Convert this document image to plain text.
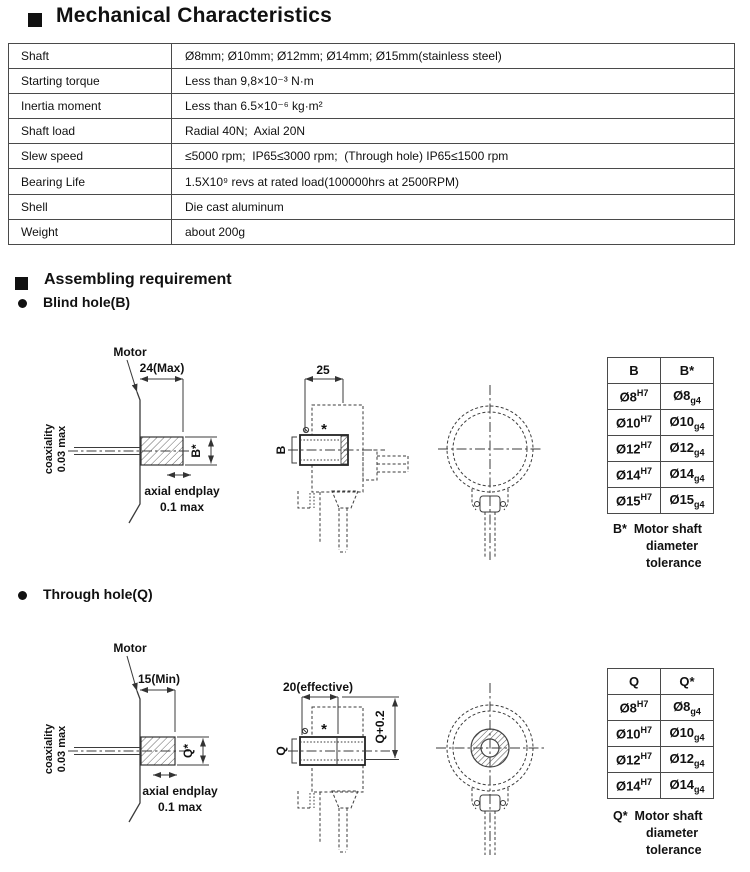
Mechanical Characteristics
Shaft	Ø8mm; Ø10mm; Ø12mm; Ø14mm; Ø15mm(stainless steel)
Starting torque	Less than 9,8×10⁻³ N·m
Inertia moment	Less than 6.5×10⁻⁶ kg·m²
Shaft load	Radial 40N;  Axial 20N
Slew speed	≤5000 rpm;  IP65≤3000 rpm;  (Through hole) IP65≤1500 rpm
Bearing Life	1.5X10⁹ revs at rated load(100000hrs at 2500RPM)
Shell	Die cast aluminum
Weight	about 200g
Assembling requirement
Blind hole(B)
Motor
24(Max)
coaxiality 0.03 max	B*
axial endplay
0.1 max
25
B
*
B	B*
$Ø8^{H7}$	$Ø8_{g4}$
$Ø10^{H7}$	$Ø10_{g4}$
$Ø12^{H7}$	$Ø12_{g4}$
$Ø14^{H7}$	$Ø14_{g4}$
$Ø15^{H7}$	$Ø15_{g4}$
B*  Motor shaft
diameter
tolerance
Through hole(Q)
Motor
15(Min)
coaxiality 0.03 max	Q*
axial endplay
0.1 max
20(effective)
Q+0.2
Q
*
Q	Q*
$Ø8^{H7}$	$Ø8_{g4}$
$Ø10^{H7}$	$Ø10_{g4}$
$Ø12^{H7}$	$Ø12_{g4}$
$Ø14^{H7}$	$Ø14_{g4}$
Q*  Motor shaft
diameter
tolerance
